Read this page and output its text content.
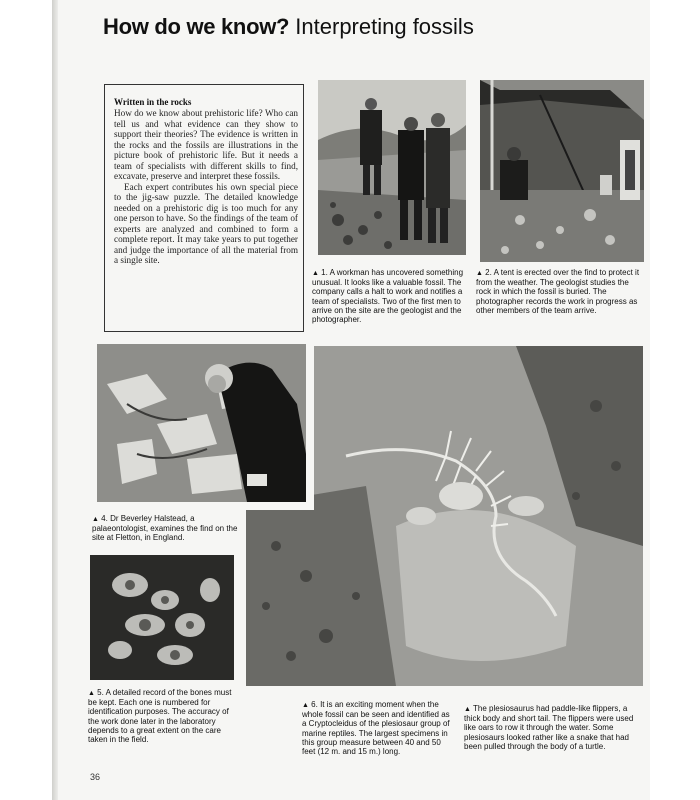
How do we know? Interpreting fossils
Written in the rocks

How do we know about prehistoric life? Who can tell us and what evidence can they show to support their theories? The evidence is written in the rocks and the fossils are illustrations in the picture book of prehistoric life. But it needs a team of specialists with different skills to find, excavate, preserve and interpret these fossils.

Each expert contributes his own special piece to the jig-saw puzzle. The detailed knowledge needed on a prehistoric dig is too much for any one person to have. So the findings of the team of experts are analyzed and combined to form a complete report. It may take years to put together and judge the importance of all the material from a single site.

▲ 1. A workman has uncovered something unusual. It looks like a valuable fossil. The company calls a halt to work and notifies a team of specialists. Two of the first men to arrive on the site are the geologist and the photographer.
▲ 2. A tent is erected over the find to protect it from the weather. The geologist studies the rock in which the fossil is buried. The photographer records the work in progress as other members of the team arrive.
▲ 4. Dr Beverley Halstead, a palaeontologist, examines the find on the site at Fletton, in England.
▲ 5. A detailed record of the bones must be kept. Each one is numbered for identification purposes. The accuracy of the work done later in the laboratory depends to a great extent on the care taken in the field.
▲ 6. It is an exciting moment when the whole fossil can be seen and identified as a Cryptocleidus of the plesiosaur group of marine reptiles. The largest specimens in this group measure between 40 and 50 feet (12 m. and 15 m.) long.
▲ The plesiosaurus had paddle-like flippers, a thick body and short tail. The flippers were used like oars to row it through the water. Some plesiosaurs looked rather like a snake that had been pulled through the body of a turtle.
36
